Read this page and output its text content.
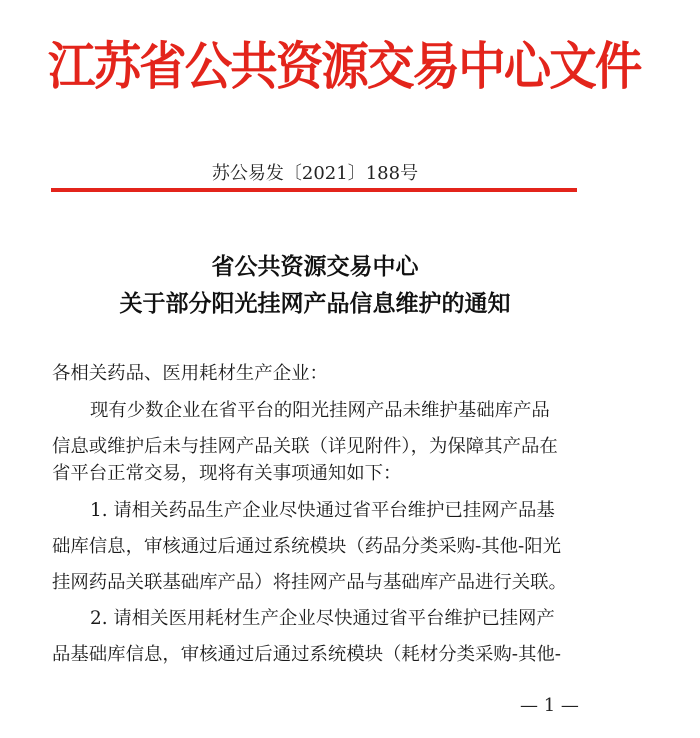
江苏省公共资源交易中心文件
苏公易发〔2021〕188号
省公共资源交易中心
关于部分阳光挂网产品信息维护的通知
各相关药品、医用耗材生产企业：
现有少数企业在省平台的阳光挂网产品未维护基础库产品
信息或维护后未与挂网产品关联（详见附件），为保障其产品在
省平台正常交易，现将有关事项通知如下：
1. 请相关药品生产企业尽快通过省平台维护已挂网产品基
础库信息，审核通过后通过系统模块（药品分类采购-其他-阳光
挂网药品关联基础库产品）将挂网产品与基础库产品进行关联。
2. 请相关医用耗材生产企业尽快通过省平台维护已挂网产
品基础库信息，审核通过后通过系统模块（耗材分类采购-其他-
— 1 —
